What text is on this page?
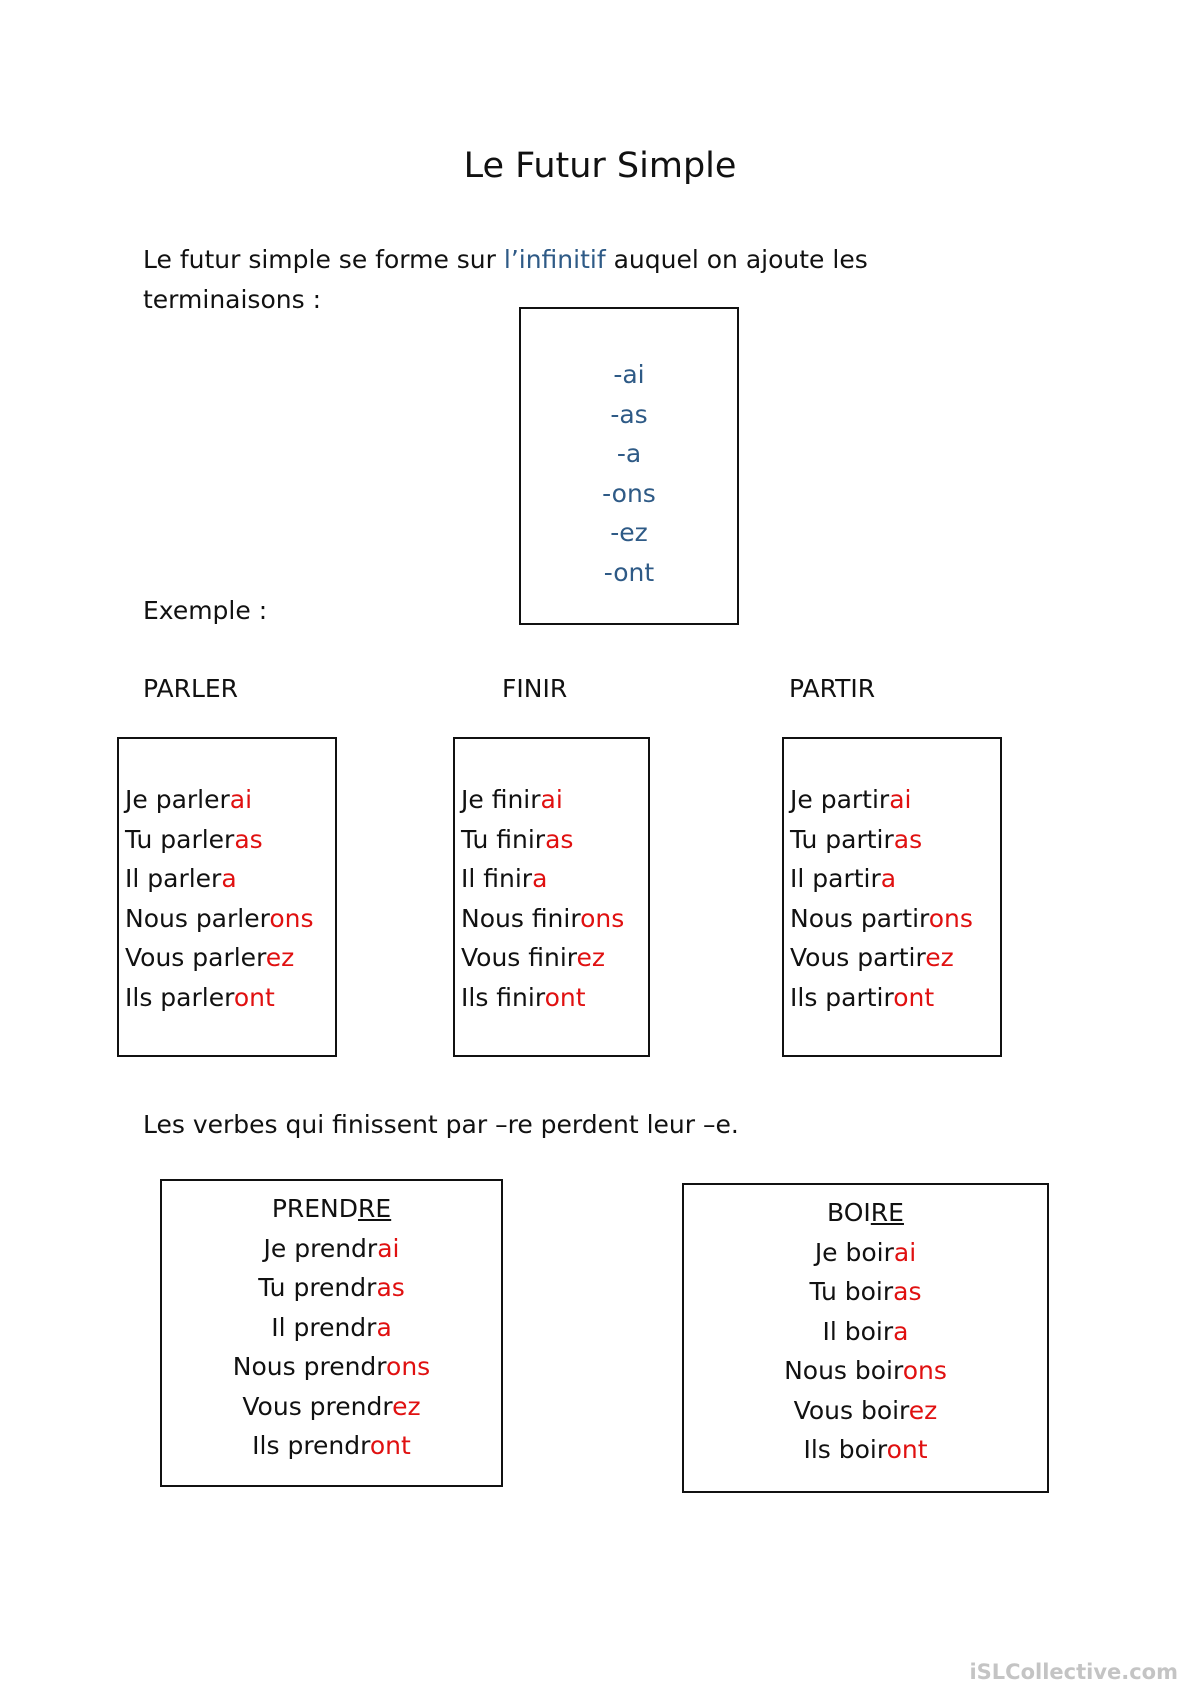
Le Futur Simple
Le futur simple se forme sur l’infinitif auquel on ajoute les terminaisons :
-ai
-as
-a
-ons
-ez
-ont
Exemple :
PARLER	FINIR	PARTIR
Je parlerai
Tu parleras
Il parlera
Nous parlerons
Vous parlerez
Ils parleront
Je finirai
Tu finiras
Il finira
Nous finirons
Vous finirez
Ils finiront
Je partirai
Tu partiras
Il partira
Nous partirons
Vous partirez
Ils partiront
Les verbes qui finissent par –re perdent leur –e.
PRENDRE
Je prendrai
Tu prendras
Il prendra
Nous prendrons
Vous prendrez
Ils prendront
BOIRE
Je boirai
Tu boiras
Il boira
Nous boirons
Vous boirez
Ils boiront
iSLCollective.com
